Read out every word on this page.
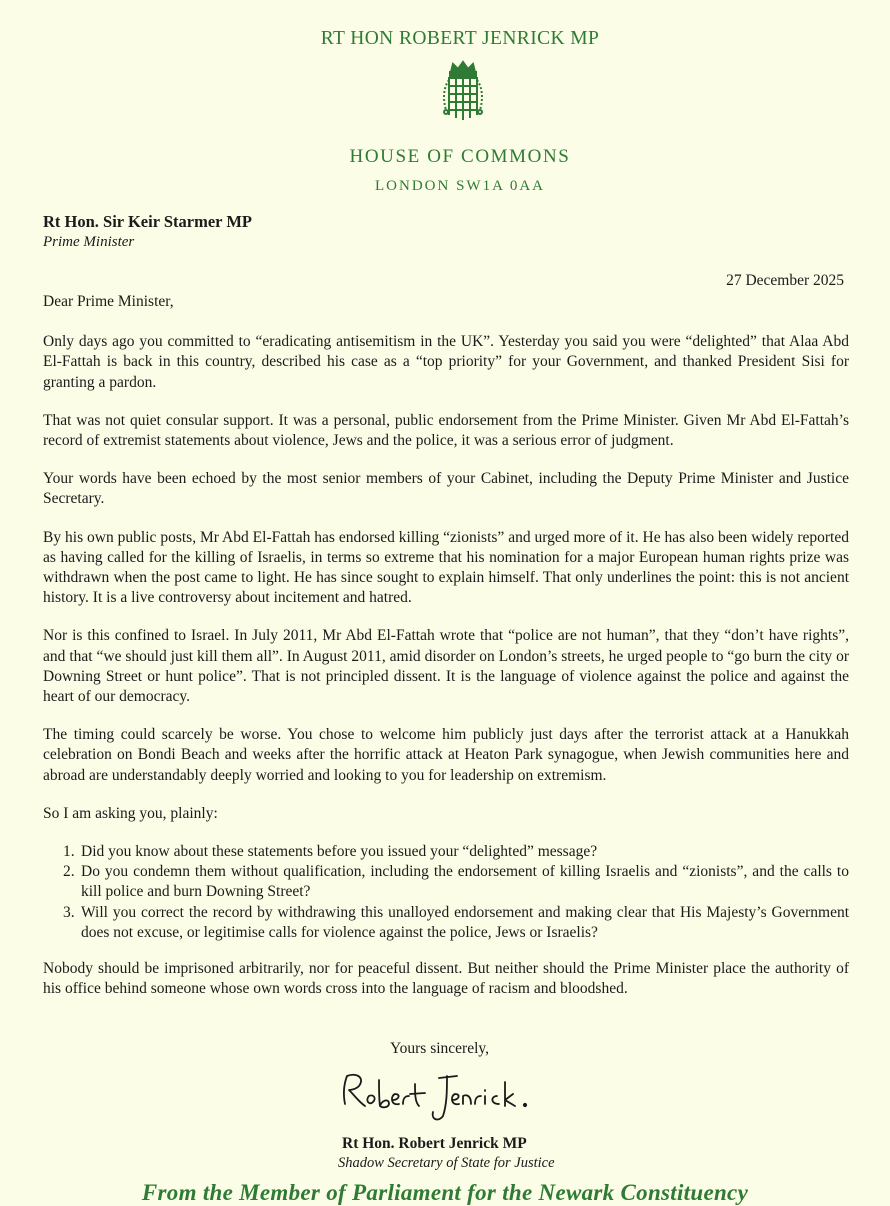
RT HON ROBERT JENRICK MP
HOUSE OF COMMONS
LONDON SW1A 0AA
Rt Hon. Sir Keir Starmer MP
Prime Minister
27 December 2025

Dear Prime Minister,

Only days ago you committed to “eradicating antisemitism in the UK”. Yesterday you said you were “delighted” that Alaa Abd El-Fattah is back in this country, described his case as a “top priority” for your Government, and thanked President Sisi for granting a pardon.

That was not quiet consular support. It was a personal, public endorsement from the Prime Minister. Given Mr Abd El-Fattah’s record of extremist statements about violence, Jews and the police, it was a serious error of judgment.

Your words have been echoed by the most senior members of your Cabinet, including the Deputy Prime Minister and Justice Secretary.

By his own public posts, Mr Abd El-Fattah has endorsed killing “zionists” and urged more of it. He has also been widely reported as having called for the killing of Israelis, in terms so extreme that his nomination for a major European human rights prize was withdrawn when the post came to light. He has since sought to explain himself. That only underlines the point: this is not ancient history. It is a live controversy about incitement and hatred.

Nor is this confined to Israel. In July 2011, Mr Abd El-Fattah wrote that “police are not human”, that they “don’t have rights”, and that “we should just kill them all”. In August 2011, amid disorder on London’s streets, he urged people to “go burn the city or Downing Street or hunt police”. That is not principled dissent. It is the language of violence against the police and against the heart of our democracy.

The timing could scarcely be worse. You chose to welcome him publicly just days after the terrorist attack at a Hanukkah celebration on Bondi Beach and weeks after the horrific attack at Heaton Park synagogue, when Jewish communities here and abroad are understandably deeply worried and looking to you for leadership on extremism.

So I am asking you, plainly:

1. Did you know about these statements before you issued your “delighted” message?
2. Do you condemn them without qualification, including the endorsement of killing Israelis and “zionists”, and the calls to kill police and burn Downing Street?
3. Will you correct the record by withdrawing this unalloyed endorsement and making clear that His Majesty’s Government does not excuse, or legitimise calls for violence against the police, Jews or Israelis?

Nobody should be imprisoned arbitrarily, nor for peaceful dissent. But neither should the Prime Minister place the authority of his office behind someone whose own words cross into the language of racism and bloodshed.

Yours sincerely,
Rt Hon. Robert Jenrick MP
Shadow Secretary of State for Justice
From the Member of Parliament for the Newark Constituency
